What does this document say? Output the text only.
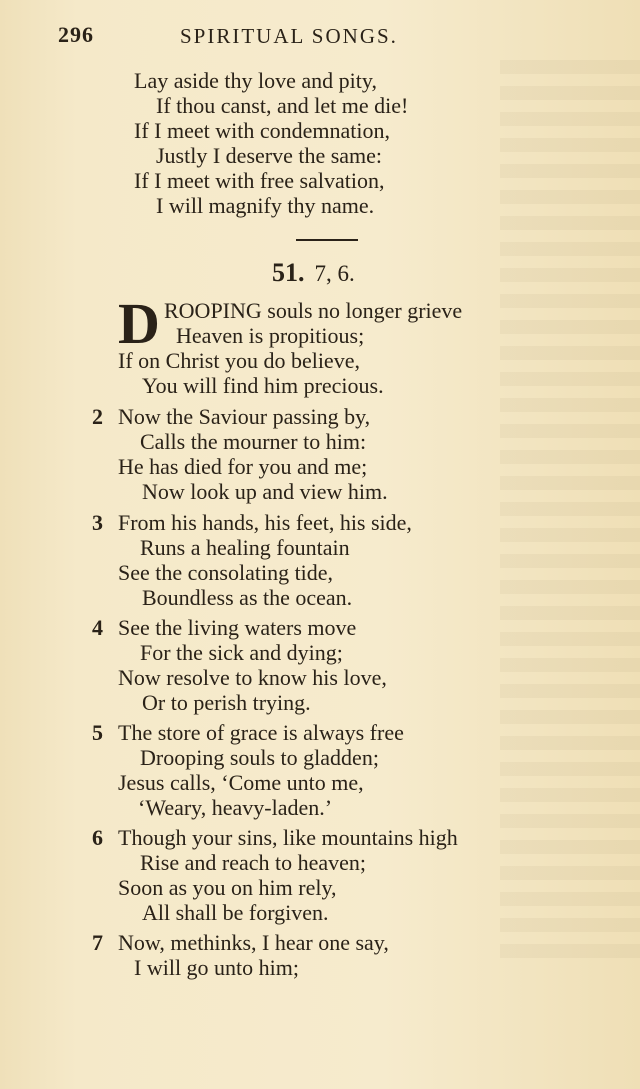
296	SPIRITUAL SONGS.
Lay aside thy love and pity,
If thou canst, and let me die!
If I meet with condemnation,
Justly I deserve the same:
If I meet with free salvation,
I will magnify thy name.
51. 7, 6.
D ROOPING souls no longer grieve
Heaven is propitious;
If on Christ you do believe,
You will find him precious.
2 Now the Saviour passing by,
Calls the mourner to him:
He has died for you and me;
Now look up and view him.
3 From his hands, his feet, his side,
Runs a healing fountain
See the consolating tide,
Boundless as the ocean.
4 See the living waters move
For the sick and dying;
Now resolve to know his love,
Or to perish trying.
5 The store of grace is always free
Drooping souls to gladden;
Jesus calls, ‘Come unto me,
‘Weary, heavy-laden.’
6 Though your sins, like mountains high
Rise and reach to heaven;
Soon as you on him rely,
All shall be forgiven.
7 Now, methinks, I hear one say,
I will go unto him;
